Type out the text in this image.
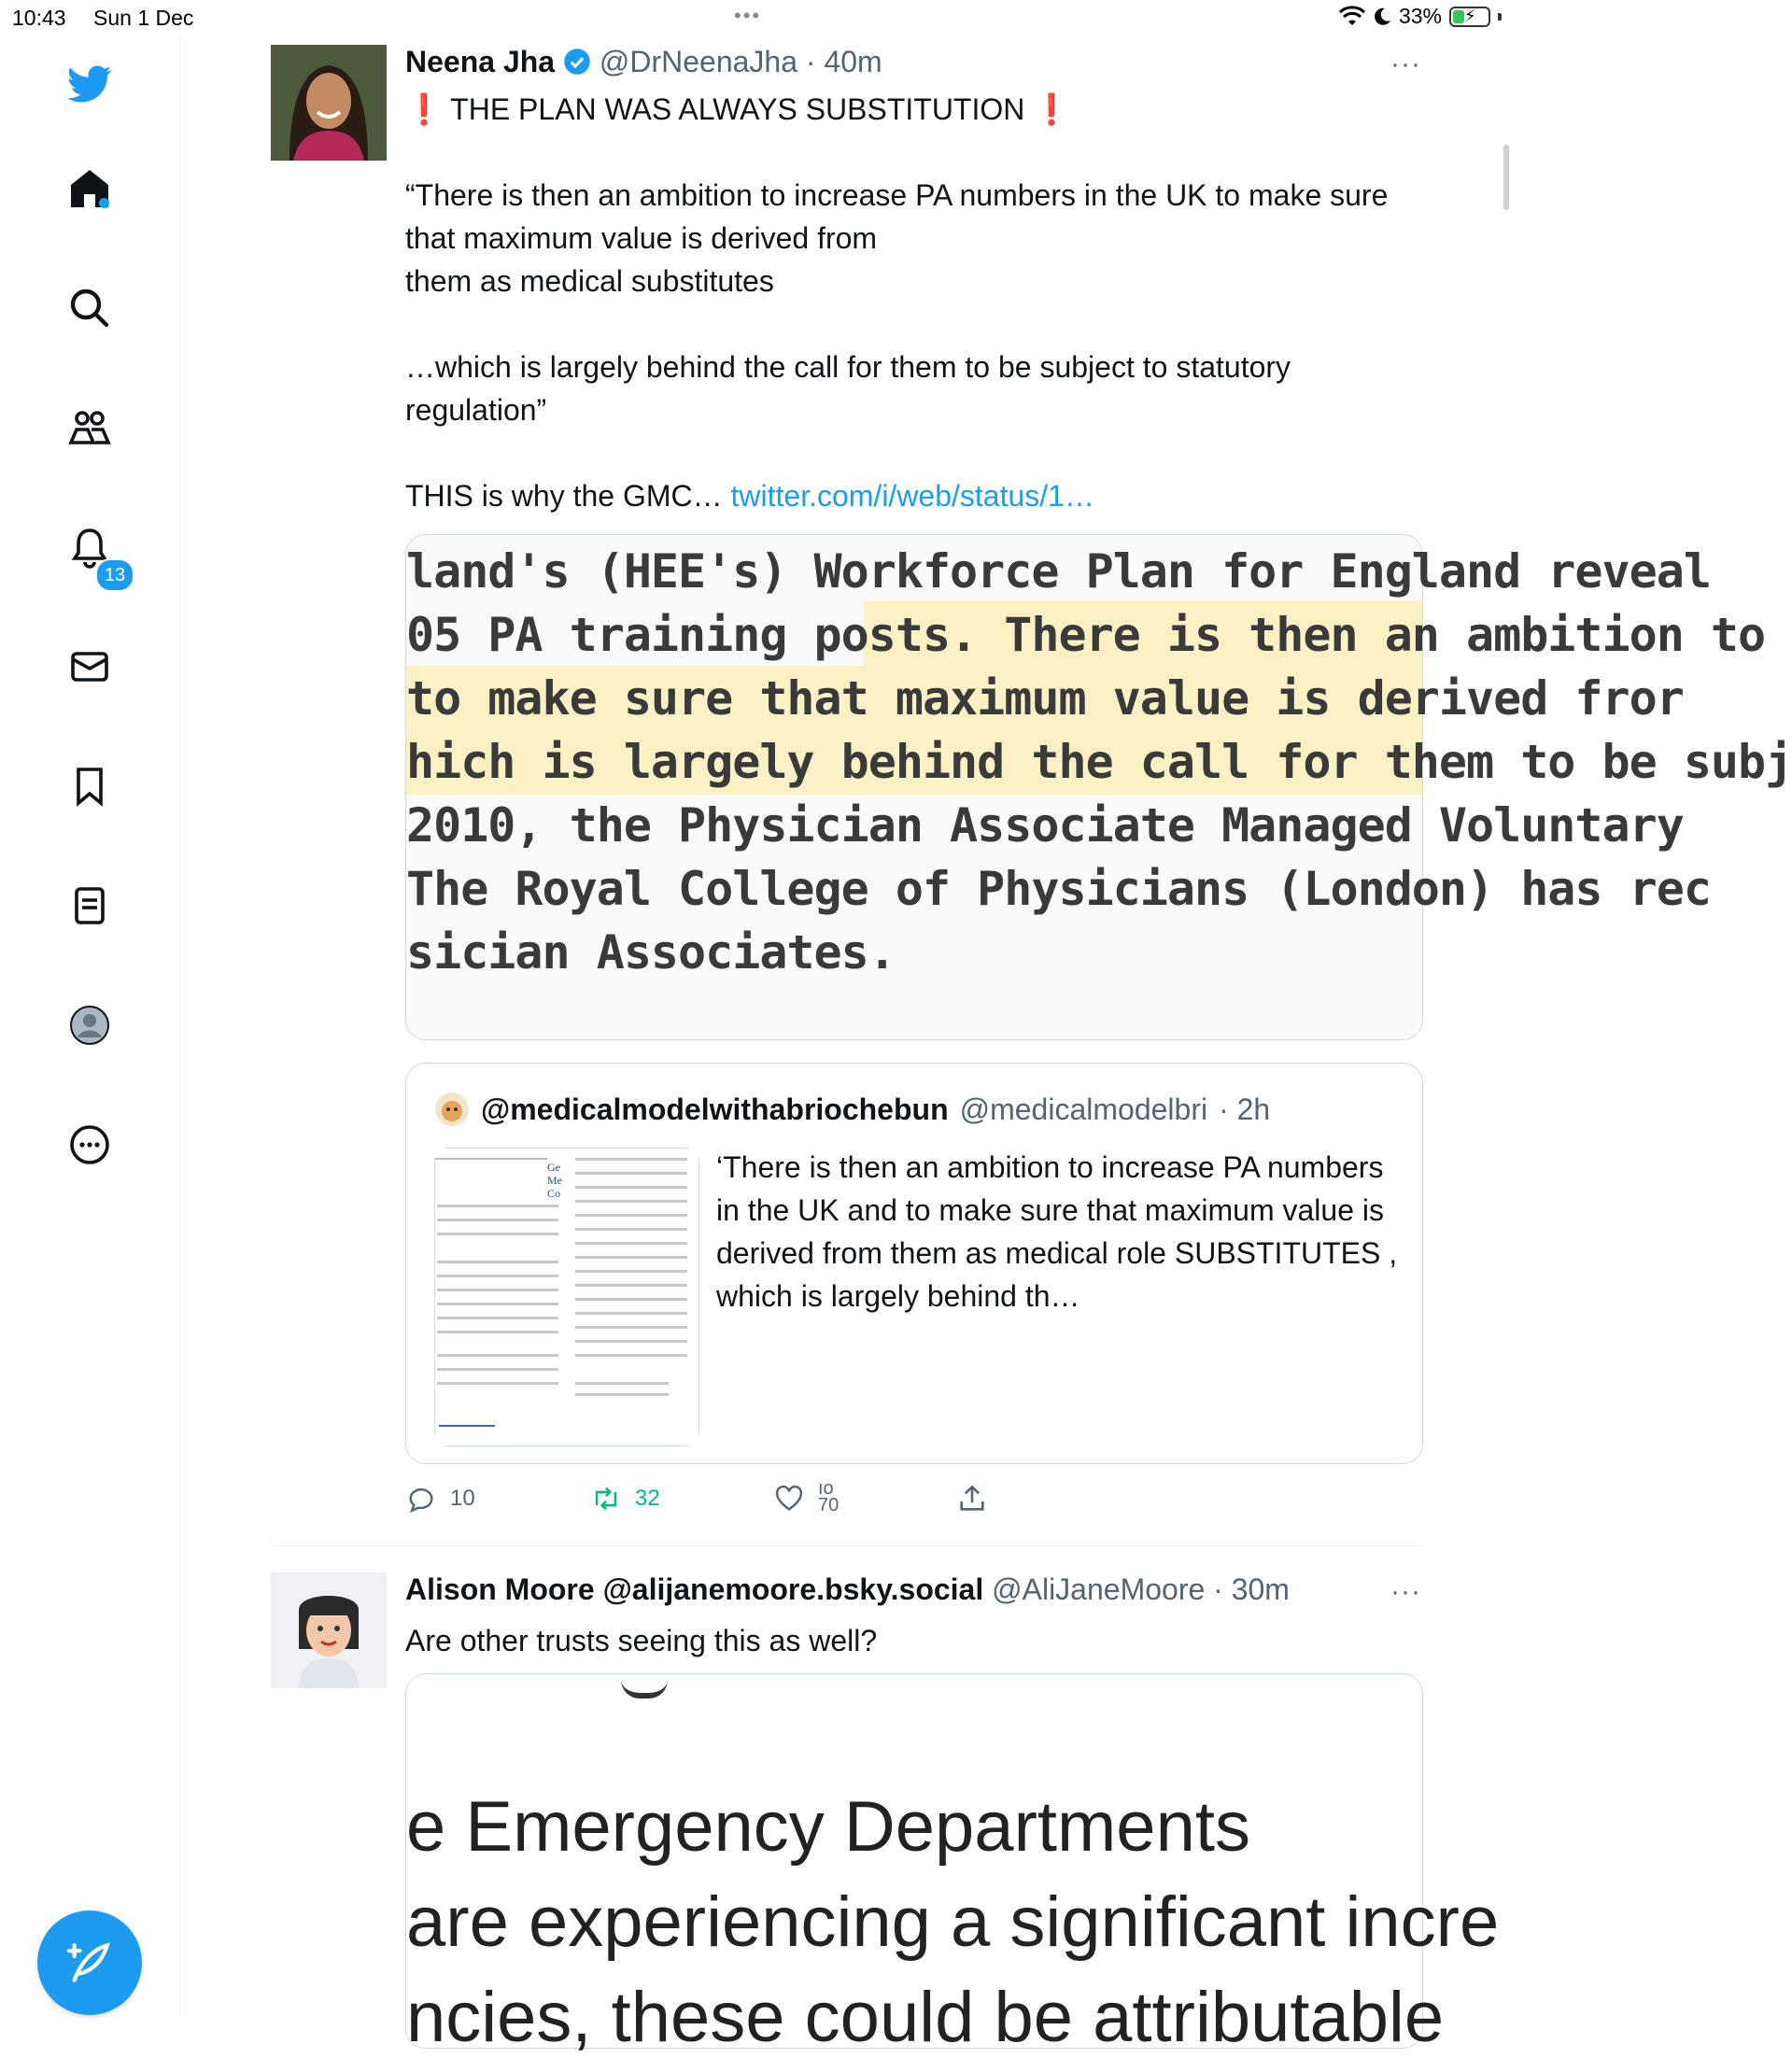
10:43 Sun 1 Dec	•••	33% ⚡
13
Neena Jha @DrNeenaJha · 40m	···

❗ THE PLAN WAS ALWAYS SUBSTITUTION ❗

“There is then an ambition to increase PA numbers in the UK to make sure that maximum value is derived from

them as medical substitutes

…which is largely behind the call for them to be subject to statutory regulation”

THIS is why the GMC… twitter.com/i/web/status/1…

land's (HEE's) Workforce Plan for England reveal
05 PA training posts. There is then an ambition to
to make sure that maximum value is derived fror
hich is largely behind the call for them to be subj
2010, the Physician Associate Managed Voluntary
The Royal College of Physicians (London) has rec
sician Associates.
@medicalmodelwithabriochebun @medicalmodelbri · 2h
Ge
Me
Co
‘There is then an ambition to increase PA numbers in the UK and to make sure that maximum value is derived from them as medical role SUBSTITUTES , which is largely behind th…
10	32	ıo
70
Alison Moore @alijanemoore.bsky.social @AliJaneMoore · 30m	···
Are other trusts seeing this as well?
e Emergency Departments
are experiencing a significant incre
ncies, these could be attributable
